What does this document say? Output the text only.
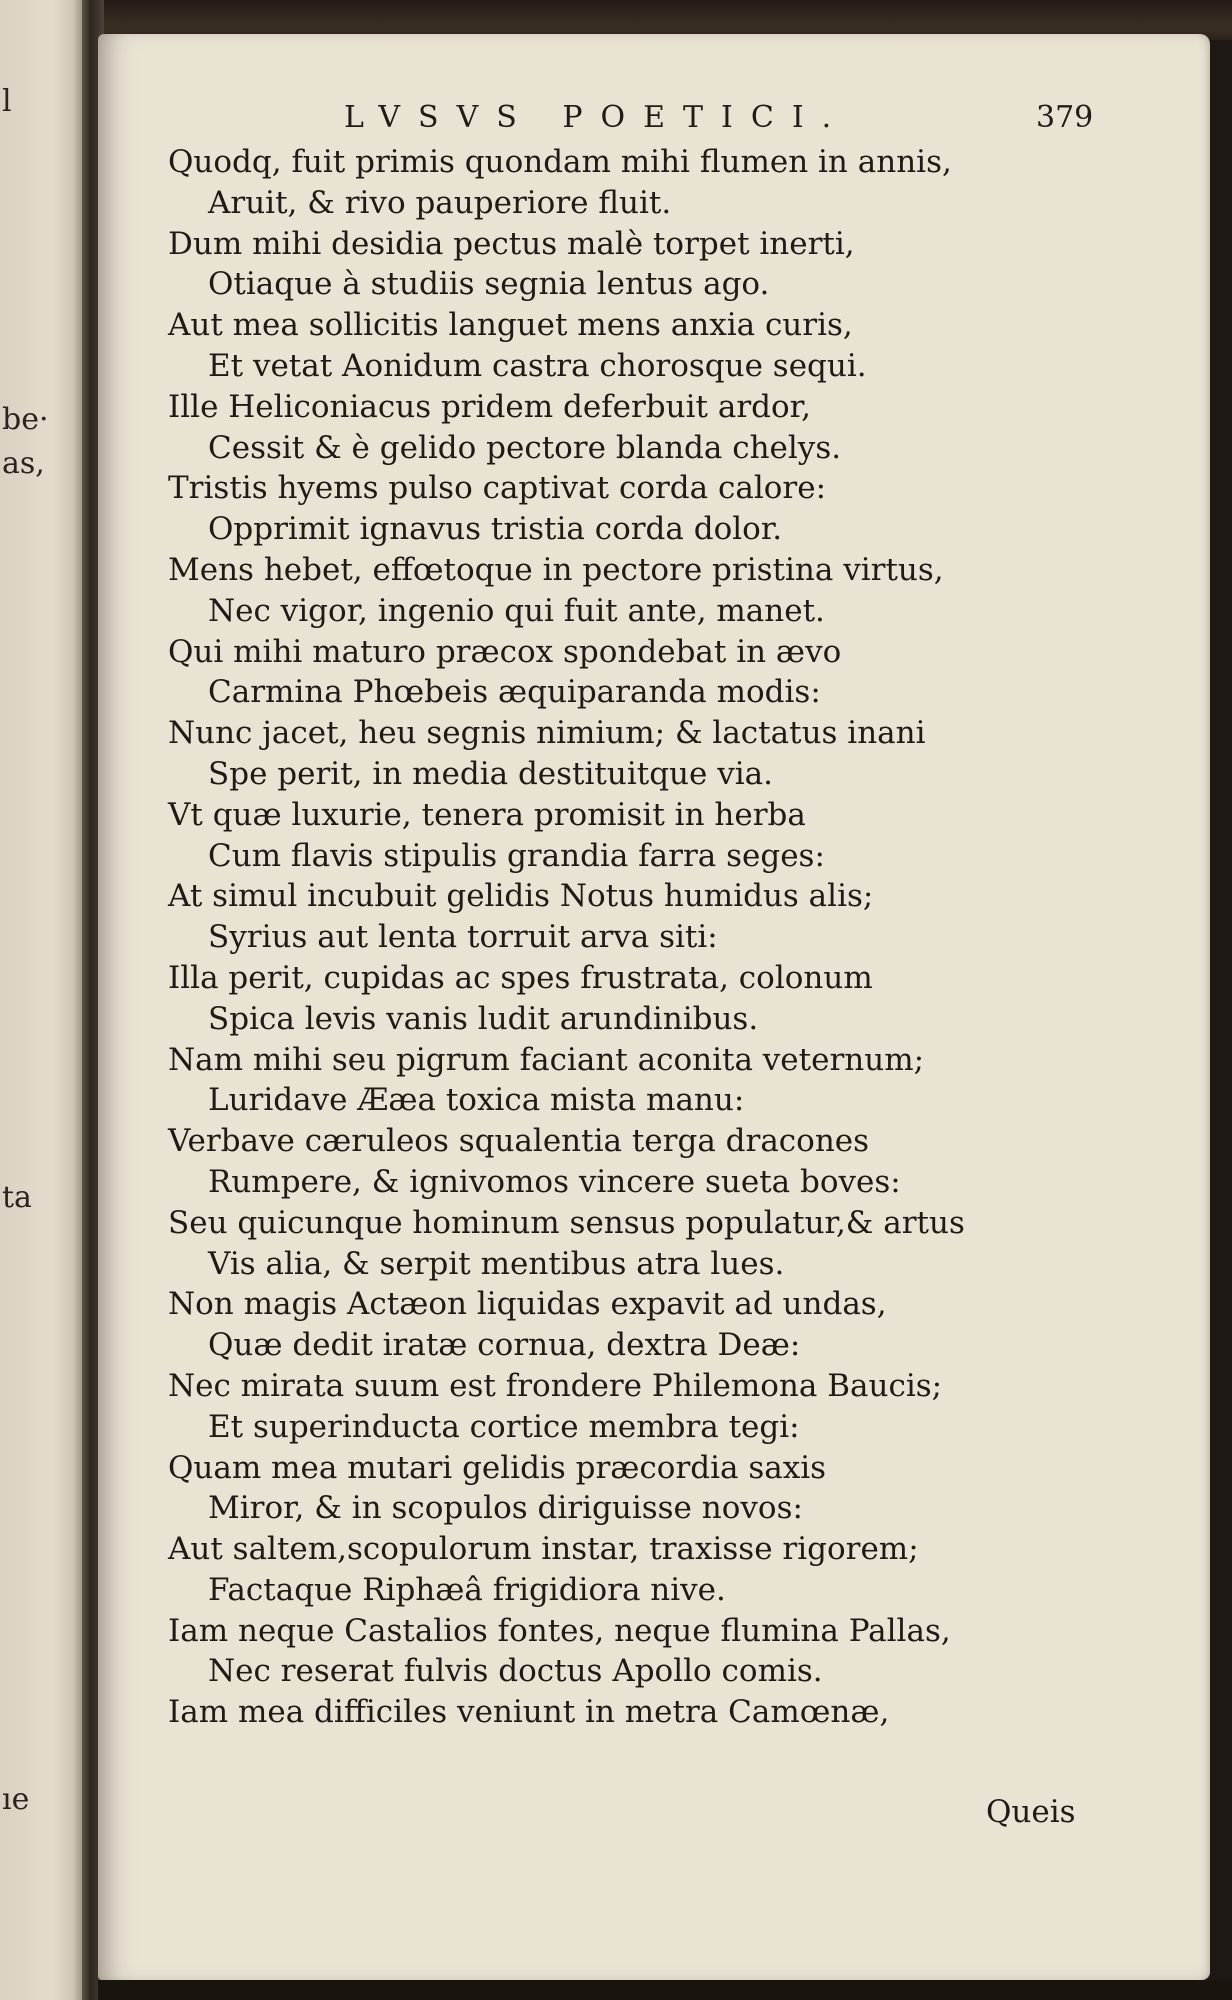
l
be·
as,
ta
ıe
LVSVS POETICI.	379
Quodq, fuit primis quondam mihi flumen in annis,
Aruit, & rivo pauperiore fluit.
Dum mihi desidia pectus malè torpet inerti,
Otiaque à studiis segnia lentus ago.
Aut mea sollicitis languet mens anxia curis,
Et vetat Aonidum castra chorosque sequi.
Ille Heliconiacus pridem deferbuit ardor,
Cessit & è gelido pectore blanda chelys.
Tristis hyems pulso captivat corda calore:
Opprimit ignavus tristia corda dolor.
Mens hebet, effœtoque in pectore pristina virtus,
Nec vigor, ingenio qui fuit ante, manet.
Qui mihi maturo præcox spondebat in ævo
Carmina Phœbeis æquiparanda modis:
Nunc jacet, heu segnis nimium; & lactatus inani
Spe perit, in media destituitque via.
Vt quæ luxurie, tenera promisit in herba
Cum flavis stipulis grandia farra seges:
At simul incubuit gelidis Notus humidus alis;
Syrius aut lenta torruit arva siti:
Illa perit, cupidas ac spes frustrata, colonum
Spica levis vanis ludit arundinibus.
Nam mihi seu pigrum faciant aconita veternum;
Luridave Ææa toxica mista manu:
Verbave cæruleos squalentia terga dracones
Rumpere, & ignivomos vincere sueta boves:
Seu quicunque hominum sensus populatur,& artus
Vis alia, & serpit mentibus atra lues.
Non magis Actæon liquidas expavit ad undas,
Quæ dedit iratæ cornua, dextra Deæ:
Nec mirata suum est frondere Philemona Baucis;
Et superinducta cortice membra tegi:
Quam mea mutari gelidis præcordia saxis
Miror, & in scopulos diriguisse novos:
Aut saltem,scopulorum instar, traxisse rigorem;
Factaque Riphæâ frigidiora nive.
Iam neque Castalios fontes, neque flumina Pallas,
Nec reserat fulvis doctus Apollo comis.
Iam mea difficiles veniunt in metra Camœnæ,
Queis
